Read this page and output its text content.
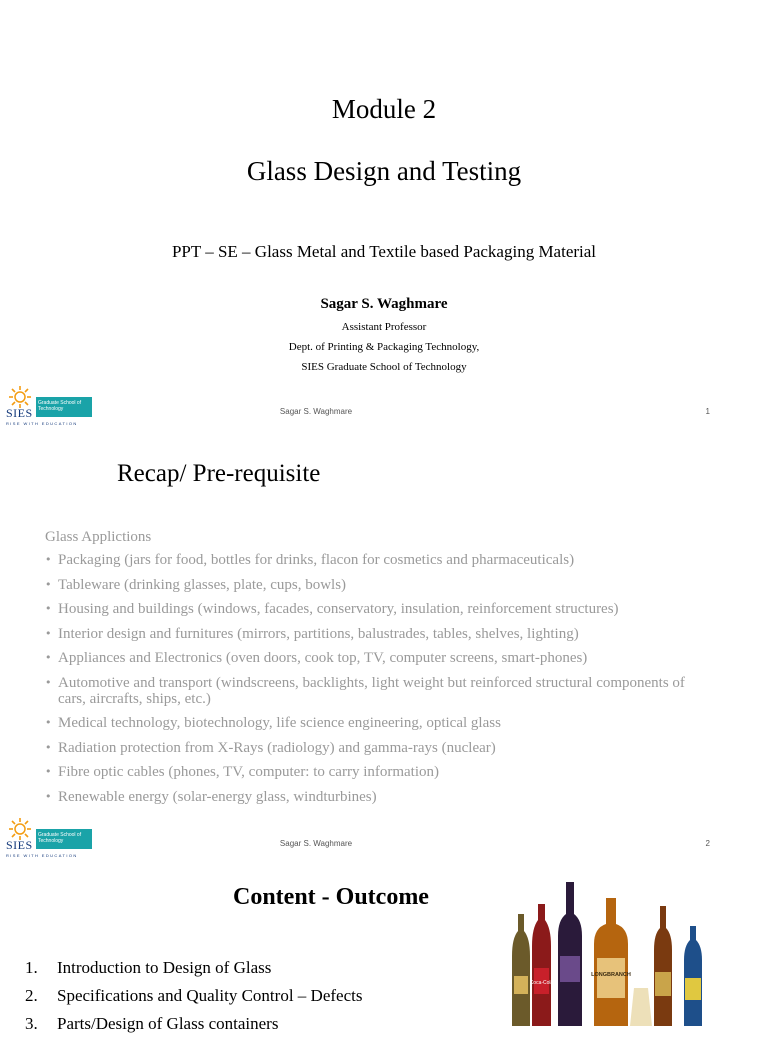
Module 2
Glass Design and Testing
PPT – SE – Glass Metal and Textile based Packaging Material
Sagar S. Waghmare
Assistant Professor
Dept. of Printing & Packaging Technology,
SIES Graduate School of Technology
SIES
Graduate School of
Technology
RISE WITH EDUCATION
Sagar S. Waghmare	1
Recap/ Pre-requisite
Glass Applictions
• Packaging (jars for food, bottles for drinks, flacon for cosmetics and pharmaceuticals)
• Tableware (drinking glasses, plate, cups, bowls)
• Housing and buildings (windows, facades, conservatory, insulation, reinforcement structures)
• Interior design and furnitures (mirrors, partitions, balustrades, tables, shelves, lighting)
• Appliances and Electronics (oven doors, cook top, TV, computer screens, smart-phones)
• Automotive and transport (windscreens, backlights, light weight but reinforced structural components of cars, aircrafts, ships, etc.)
• Medical technology, biotechnology, life science engineering, optical glass
• Radiation protection from X-Rays (radiology) and gamma-rays (nuclear)
• Fibre optic cables (phones, TV, computer: to carry information)
• Renewable energy (solar-energy glass, windturbines)
SIES
Graduate School of
Technology
RISE WITH EDUCATION
Sagar S. Waghmare	2
Content - Outcome
1. Introduction to Design of Glass
2. Specifications and Quality Control – Defects
3. Parts/Design of Glass containers
Coca-Cola
LONGBRANCH
